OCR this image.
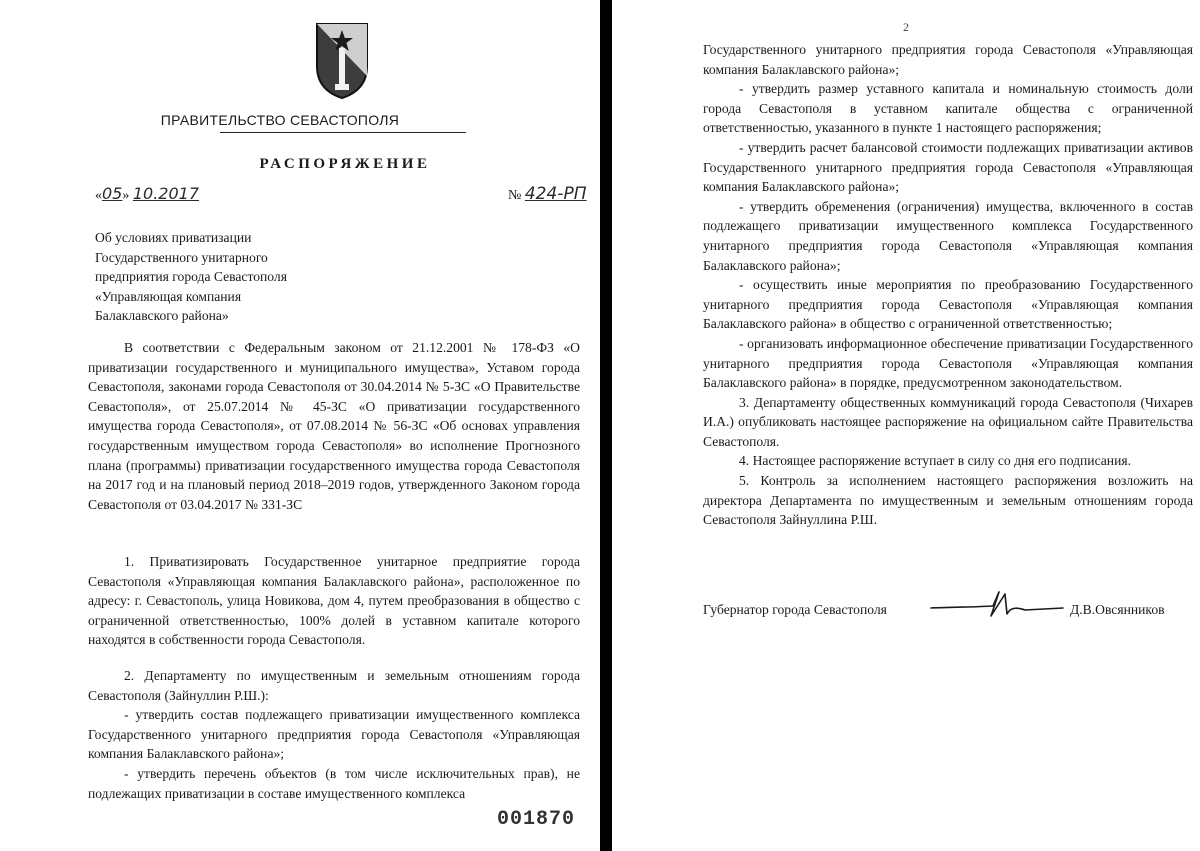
ПРАВИТЕЛЬСТВО СЕВАСТОПОЛЯ
РАСПОРЯЖЕНИЕ
«05» 10.2017	№ 424-РП
Об условиях приватизации
Государственного унитарного
предприятия города Севастополя
«Управляющая компания
Балаклавского района»

В соответствии с Федеральным законом от 21.12.2001 № 178-ФЗ «О приватизации государственного и муниципального имущества», Уставом города Севастополя, законами города Севастополя от 30.04.2014 № 5-ЗС «О Правительстве Севастополя», от 25.07.2014 № 45-ЗС «О приватизации государственного имущества города Севастополя», от 07.08.2014 № 56-ЗС «Об основах управления государственным имуществом города Севастополя» во исполнение Прогнозного плана (программы) приватизации государственного имущества города Севастополя на 2017 год и на плановый период 2018–2019 годов, утвержденного Законом города Севастополя от 03.04.2017 № 331-ЗС

1. Приватизировать Государственное унитарное предприятие города Севастополя «Управляющая компания Балаклавского района», расположенное по адресу: г. Севастополь, улица Новикова, дом 4, путем преобразования в общество с ограниченной ответственностью, 100% долей в уставном капитале которого находятся в собственности города Севастополя.

2. Департаменту по имущественным и земельным отношениям города Севастополя (Зайнуллин Р.Ш.):

- утвердить состав подлежащего приватизации имущественного комплекса Государственного унитарного предприятия города Севастополя «Управляющая компания Балаклавского района»;

- утвердить перечень объектов (в том числе исключительных прав), не подлежащих приватизации в составе имущественного комплекса

001870
2

Государственного унитарного предприятия города Севастополя «Управляющая компания Балаклавского района»;

- утвердить размер уставного капитала и номинальную стоимость доли города Севастополя в уставном капитале общества с ограниченной ответственностью, указанного в пункте 1 настоящего распоряжения;

- утвердить расчет балансовой стоимости подлежащих приватизации активов Государственного унитарного предприятия города Севастополя «Управляющая компания Балаклавского района»;

- утвердить обременения (ограничения) имущества, включенного в состав подлежащего приватизации имущественного комплекса Государственного унитарного предприятия города Севастополя «Управляющая компания Балаклавского района»;

- осуществить иные мероприятия по преобразованию Государственного унитарного предприятия города Севастополя «Управляющая компания Балаклавского района» в общество с ограниченной ответственностью;

- организовать информационное обеспечение приватизации Государственного унитарного предприятия города Севастополя «Управляющая компания Балаклавского района» в порядке, предусмотренном законодательством.

3. Департаменту общественных коммуникаций города Севастополя (Чихарев И.А.) опубликовать настоящее распоряжение на официальном сайте Правительства Севастополя.

4. Настоящее распоряжение вступает в силу со дня его подписания.

5. Контроль за исполнением настоящего распоряжения возложить на директора Департамента по имущественным и земельным отношениям города Севастополя Зайнуллина Р.Ш.

Губернатор города Севастополя	Д.В.Овсянников
